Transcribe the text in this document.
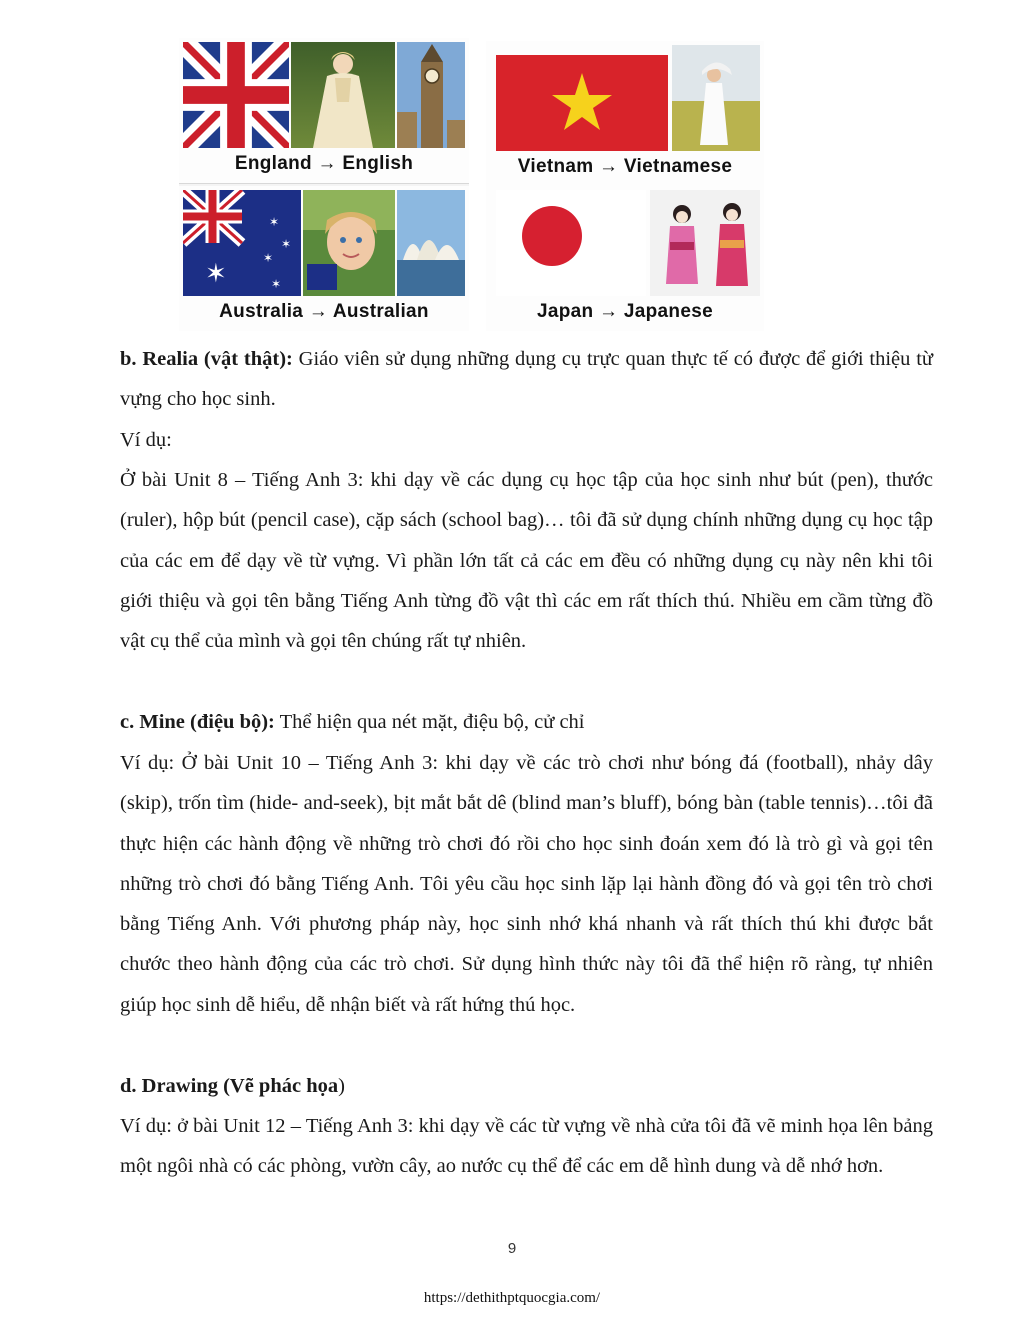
England → English
✶
✶
✶
✶
✶
Australia → Australian
Vietnam → Vietnamese
Japan → Japanese

b. Realia (vật thật): Giáo viên sử dụng những dụng cụ trực quan thực tế có được để giới thiệu từ vựng cho học sinh.

Ví dụ:

Ở bài Unit 8 – Tiếng Anh 3: khi dạy về các dụng cụ học tập của học sinh như bút (pen), thước (ruler), hộp bút (pencil case), cặp sách (school bag)… tôi đã sử dụng chính những dụng cụ học tập của các em để dạy về từ vựng. Vì phần lớn tất cả các em đều có những dụng cụ này nên khi tôi giới thiệu và gọi tên bằng Tiếng Anh từng đồ vật thì các em rất thích thú. Nhiều em cầm từng đồ vật cụ thể của mình và gọi tên chúng rất tự nhiên.

c. Mine (điệu bộ): Thể hiện qua nét mặt, điệu bộ, cử chỉ

Ví dụ: Ở bài Unit 10 – Tiếng Anh 3: khi dạy về các trò chơi như bóng đá (football), nhảy dây (skip), trốn tìm (hide- and-seek), bịt mắt bắt dê (blind man’s bluff), bóng bàn (table tennis)…tôi đã thực hiện các hành động về những trò chơi đó rồi cho học sinh đoán xem đó là trò gì và gọi tên những trò chơi đó bằng Tiếng Anh. Tôi yêu cầu học sinh lặp lại hành đồng đó và gọi tên trò chơi bằng Tiếng Anh. Với phương pháp này, học sinh nhớ khá nhanh và rất thích thú khi được bắt chước theo hành động của các trò chơi. Sử dụng hình thức này tôi đã thể hiện rõ ràng, tự nhiên giúp học sinh dễ hiểu, dễ nhận biết và rất hứng thú học.

d. Drawing (Vẽ phác họa)

Ví dụ: ở bài Unit 12 – Tiếng Anh 3: khi dạy về các từ vựng về nhà cửa tôi đã vẽ minh họa lên bảng một ngôi nhà có các phòng, vườn cây, ao nước cụ thể để các em dễ hình dung và dễ nhớ hơn.

9
https://dethithptquocgia.com/
